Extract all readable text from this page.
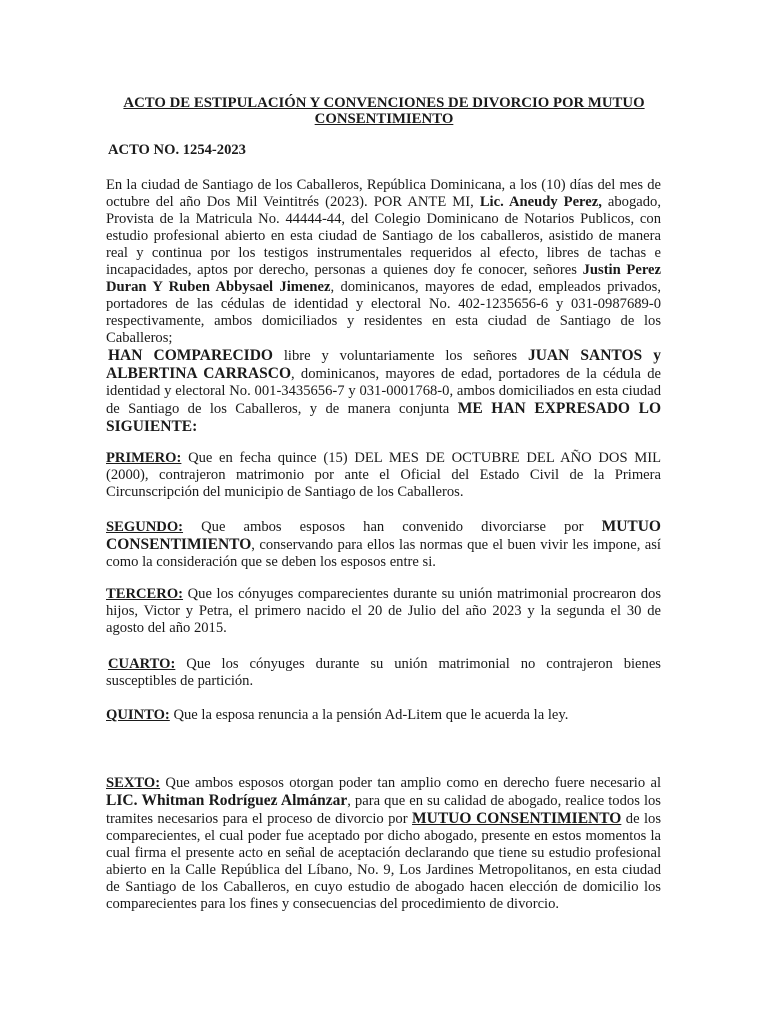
ACTO DE ESTIPULACIÓN Y CONVENCIONES DE DIVORCIO POR MUTUO
CONSENTIMIENTO
ACTO NO. 1254-2023

En la ciudad de Santiago de los Caballeros, República Dominicana, a los (10) días del mes de octubre del año Dos Mil Veintitrés (2023). POR ANTE MI, Lic. Aneudy Perez, abogado, Provista de la Matricula No. 44444-44, del Colegio Dominicano de Notarios Publicos, con estudio profesional abierto en esta ciudad de Santiago de los caballeros, asistido de manera real y continua por los testigos instrumentales requeridos al efecto, libres de tachas e incapacidades, aptos por derecho, personas a quienes doy fe conocer, señores Justin Perez Duran Y Ruben Abbysael Jimenez, dominicanos, mayores de edad, empleados privados, portadores de las cédulas de identidad y electoral No. 402-1235656-6 y 031-0987689-0 respectivamente, ambos domiciliados y residentes en esta ciudad de Santiago de los Caballeros;

HAN COMPARECIDO libre y voluntariamente los señores JUAN SANTOS y ALBERTINA CARRASCO, dominicanos, mayores de edad, portadores de la cédula de identidad y electoral No. 001-3435656-7 y 031-0001768-0, ambos domiciliados en esta ciudad de Santiago de los Caballeros, y de manera conjunta ME HAN EXPRESADO LO SIGUIENTE:

PRIMERO: Que en fecha quince (15) DEL MES DE OCTUBRE DEL AÑO DOS MIL (2000), contrajeron matrimonio por ante el Oficial del Estado Civil de la Primera Circunscripción del municipio de Santiago de los Caballeros.

SEGUNDO: Que ambos esposos han convenido divorciarse por MUTUO CONSENTIMIENTO, conservando para ellos las normas que el buen vivir les impone, así como la consideración que se deben los esposos entre si.

TERCERO: Que los cónyuges comparecientes durante su unión matrimonial procrearon dos hijos, Victor y Petra, el primero nacido el 20 de Julio del año 2023 y la segunda el 30 de agosto del año 2015.

CUARTO: Que los cónyuges durante su unión matrimonial no contrajeron bienes susceptibles de partición.

QUINTO: Que la esposa renuncia a la pensión Ad-Litem que le acuerda la ley.

SEXTO: Que ambos esposos otorgan poder tan amplio como en derecho fuere necesario al LIC. Whitman Rodríguez Almánzar, para que en su calidad de abogado, realice todos los tramites necesarios para el proceso de divorcio por MUTUO CONSENTIMIENTO de los comparecientes, el cual poder fue aceptado por dicho abogado, presente en estos momentos la cual firma el presente acto en señal de aceptación declarando que tiene su estudio profesional abierto en la Calle República del Líbano, No. 9, Los Jardines Metropolitanos, en esta ciudad de Santiago de los Caballeros, en cuyo estudio de abogado hacen elección de domicilio los comparecientes para los fines y consecuencias del procedimiento de divorcio.
